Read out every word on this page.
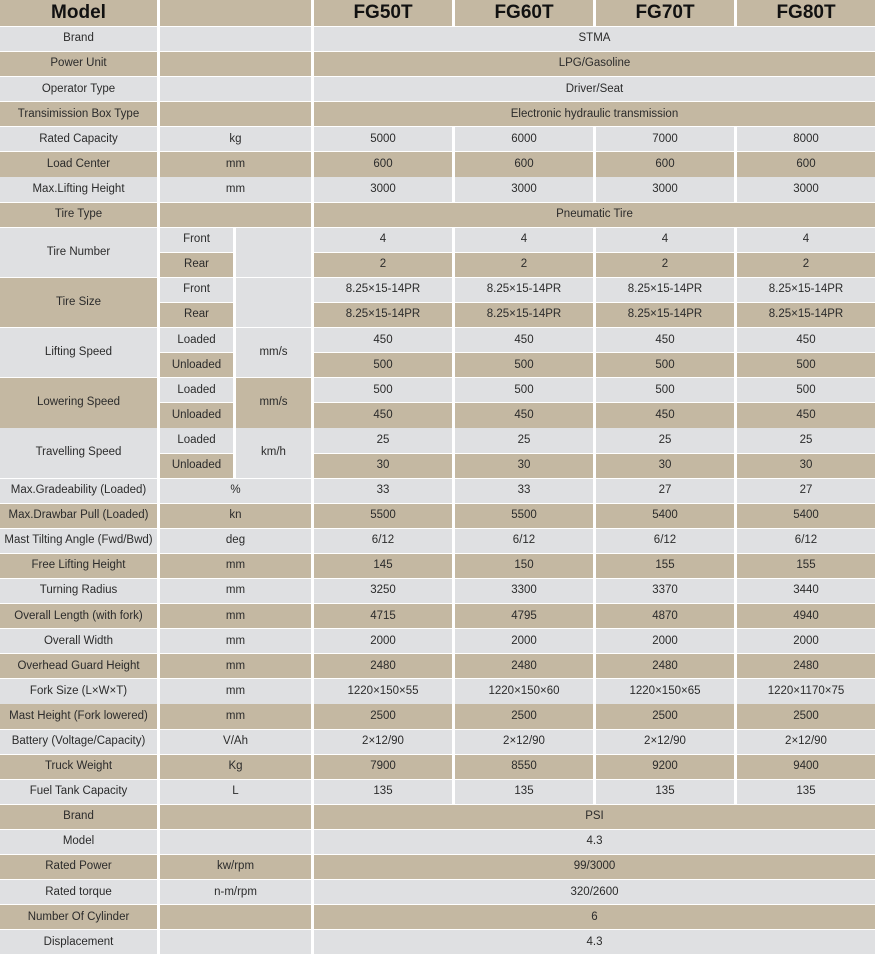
Model	FG50T	FG60T	FG70T	FG80T
Brand	STMA
Power Unit	LPG/Gasoline
Operator Type	Driver/Seat
Transimission Box Type	Electronic hydraulic transmission
Rated Capacity	kg	5000	6000	7000	8000
Load Center	mm	600	600	600	600
Max.Lifting Height	mm	3000	3000	3000	3000
Tire Type	Pneumatic Tire
Tire Number
Front	4	4	4	4
Rear	2	2	2	2
Tire Size
Front	8.25×15-14PR	8.25×15-14PR	8.25×15-14PR	8.25×15-14PR
Rear	8.25×15-14PR	8.25×15-14PR	8.25×15-14PR	8.25×15-14PR
Lifting Speed	mm/s
Loaded	450	450	450	450
Unloaded	500	500	500	500
Lowering Speed	mm/s
Loaded	500	500	500	500
Unloaded	450	450	450	450
Travelling Speed	km/h
Loaded	25	25	25	25
Unloaded	30	30	30	30
Max.Gradeability (Loaded)	%	33	33	27	27
Max.Drawbar Pull (Loaded)	kn	5500	5500	5400	5400
Mast Tilting Angle (Fwd/Bwd)	deg	6/12	6/12	6/12	6/12
Free Lifting Height	mm	145	150	155	155
Turning Radius	mm	3250	3300	3370	3440
Overall Length (with fork)	mm	4715	4795	4870	4940
Overall Width	mm	2000	2000	2000	2000
Overhead Guard Height	mm	2480	2480	2480	2480
Fork Size (L×W×T)	mm	1220×150×55	1220×150×60	1220×150×65	1220×1170×75
Mast Height (Fork lowered)	mm	2500	2500	2500	2500
Battery (Voltage/Capacity)	V/Ah	2×12/90	2×12/90	2×12/90	2×12/90
Truck Weight	Kg	7900	8550	9200	9400
Fuel Tank Capacity	L	135	135	135	135
Brand	PSI
Model	4.3
Rated Power	kw/rpm	99/3000
Rated torque	n-m/rpm	320/2600
Number Of Cylinder	6
Displacement	4.3
